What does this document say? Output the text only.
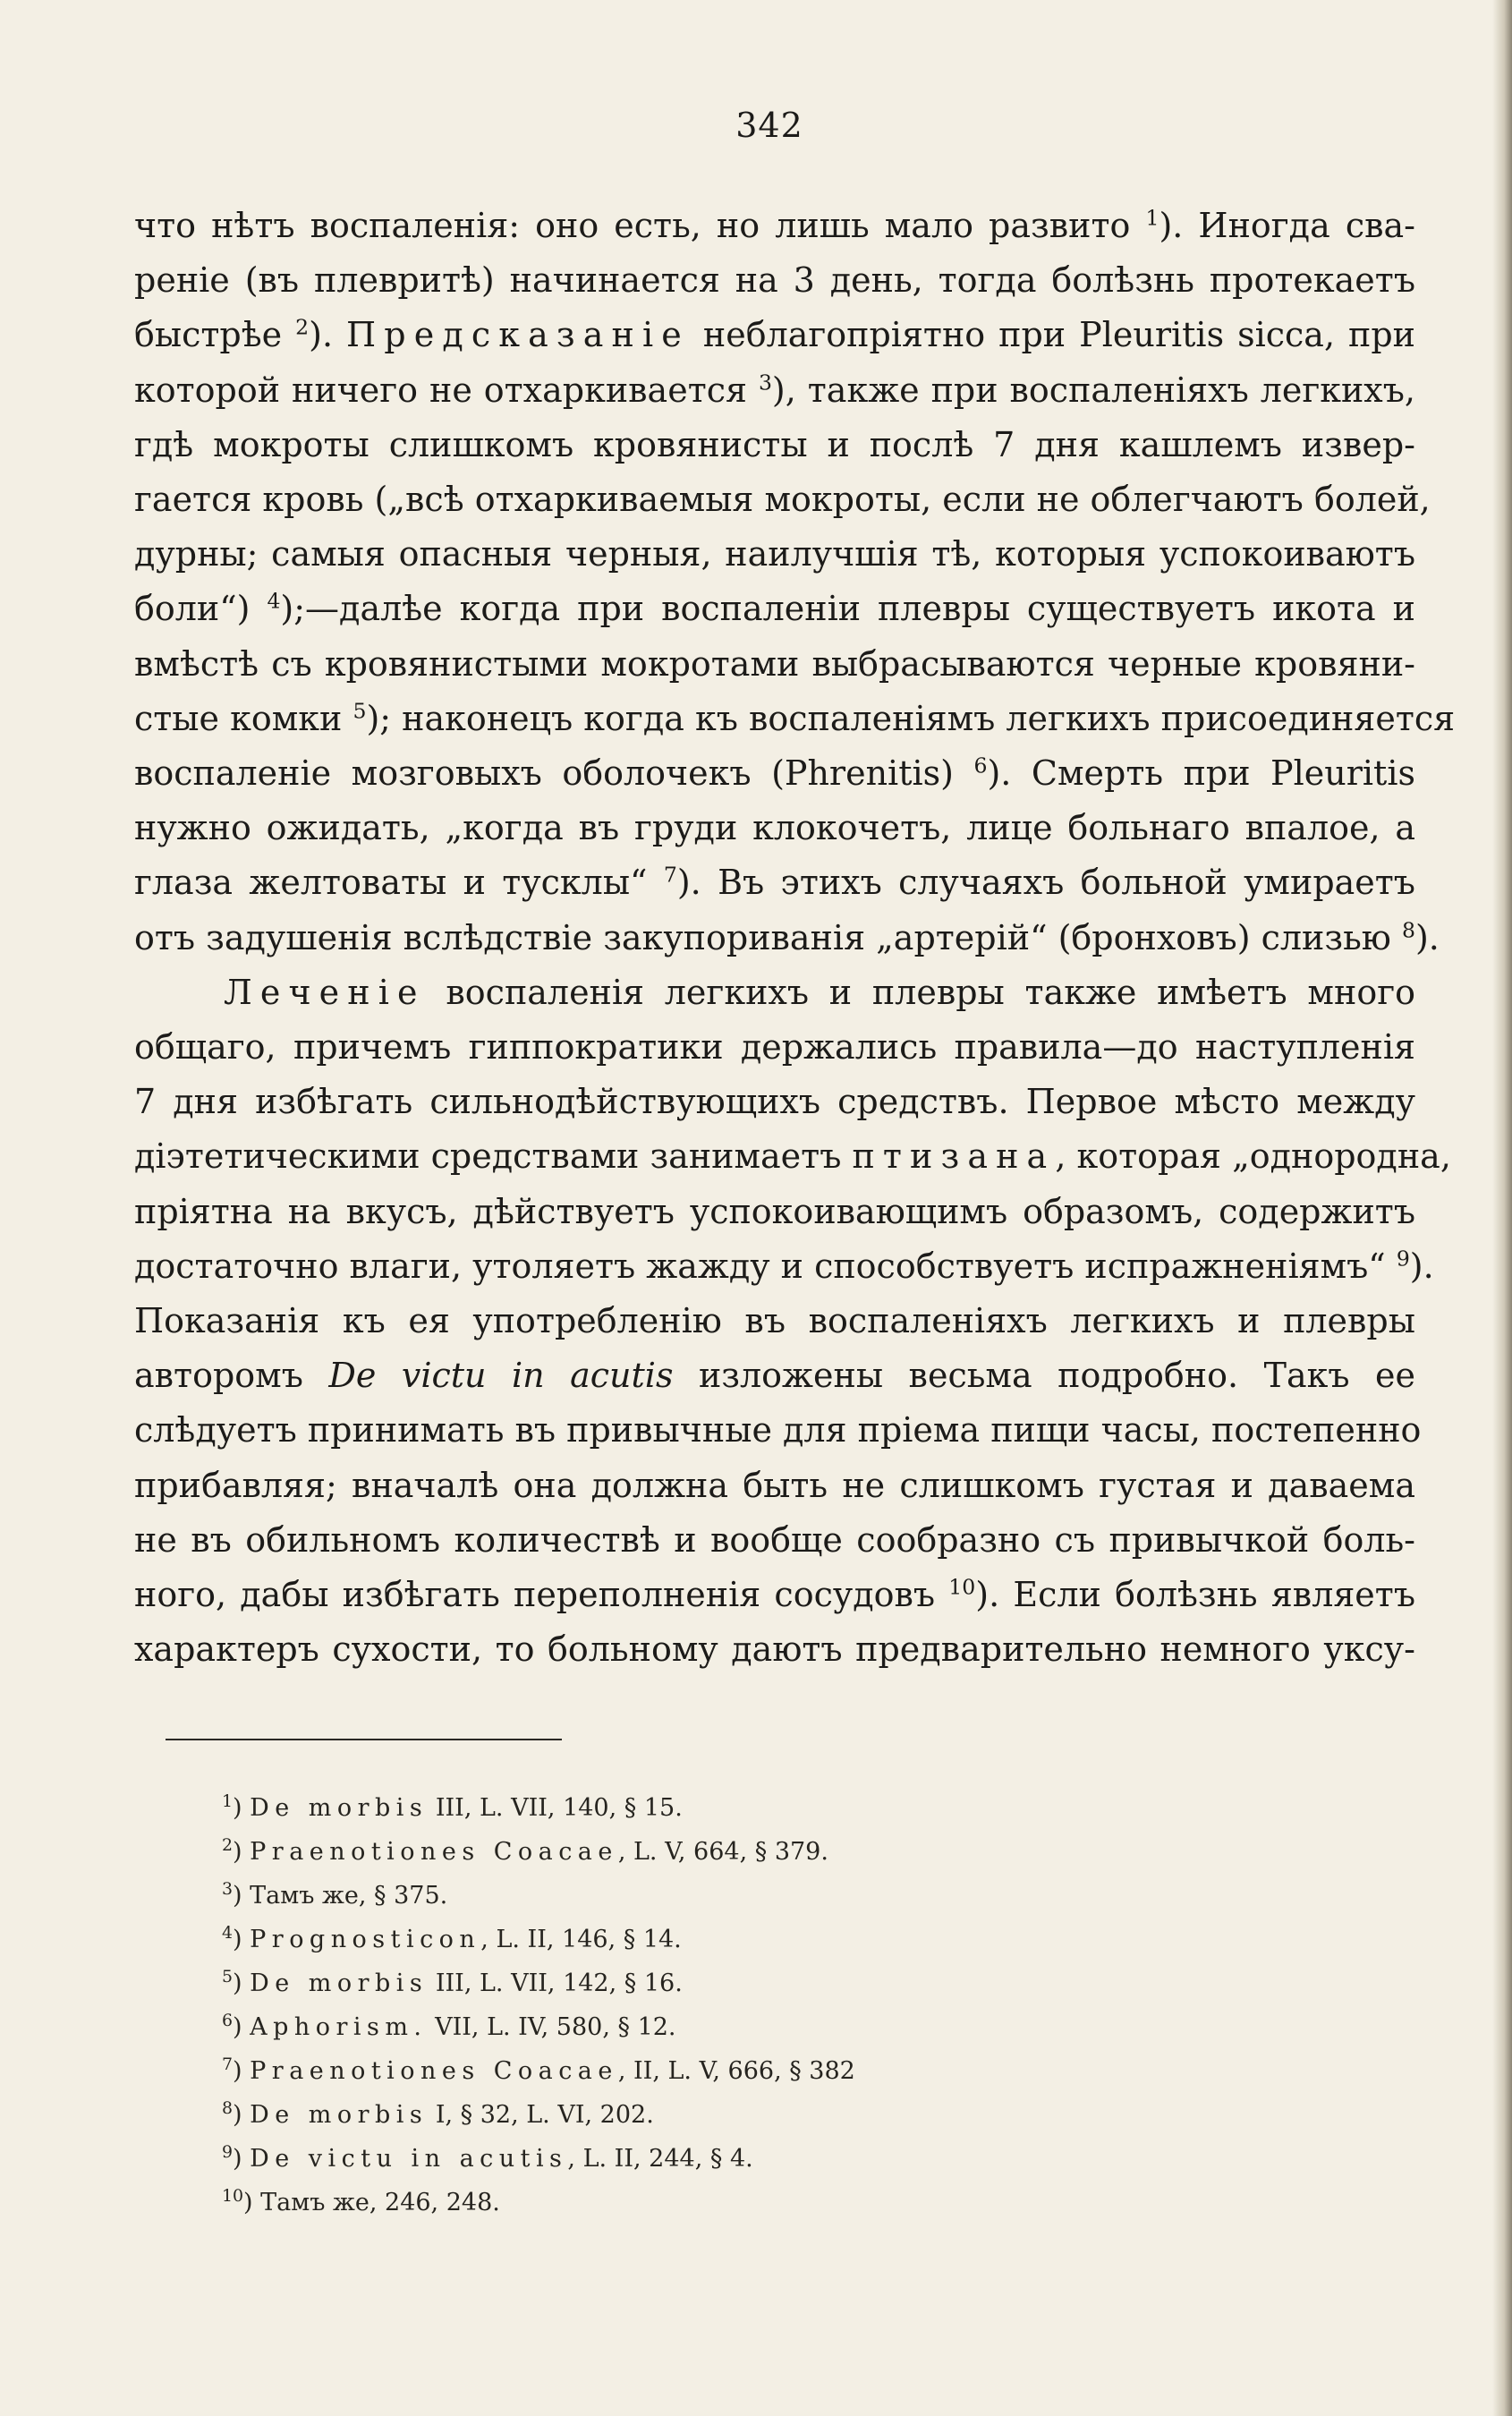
342
что нѣтъ воспаленія: оно есть, но лишь мало развито $^1$). Иногда сва-
реніе (въ плевритѣ) начинается на 3 день, тогда болѣзнь протекаетъ
быстрѣе $^2$). Предсказаніе неблагопріятно при Pleuritis sicca, при
которой ничего не отхаркивается $^3$), также при воспаленіяхъ легкихъ,
гдѣ мокроты слишкомъ кровянисты и послѣ 7 дня кашлемъ извер-
гается кровь („всѣ отхаркиваемыя мокроты, если не облегчаютъ болей,
дурны; самыя опасныя черныя, наилучшія тѣ, которыя успокоиваютъ
боли“) $^4$);—далѣе когда при воспаленіи плевры существуетъ икота и
вмѣстѣ съ кровянистыми мокротами выбрасываются черные кровяни-
стые комки $^5$); наконецъ когда къ воспаленіямъ легкихъ присоединяется
воспаленіе мозговыхъ оболочекъ (Phrenitis) $^6$). Смерть при Pleuritis
нужно ожидать, „когда въ груди клокочетъ, лице больнаго впалое, а
глаза желтоваты и тусклы“ $^7$). Въ этихъ случаяхъ больной умираетъ
отъ задушенія вслѣдствіе закупориванія „артерій“ (бронховъ) слизью $^8$).
Леченіе воспаленія легкихъ и плевры также имѣетъ много
общаго, причемъ гиппократики держались правила—до наступленія
7 дня избѣгать сильнодѣйствующихъ средствъ. Первое мѣсто между
діэтетическими средствами занимаетъ птизана, которая „однородна,
пріятна на вкусъ, дѣйствуетъ успокоивающимъ образомъ, содержитъ
достаточно влаги, утоляетъ жажду и способствуетъ испражненіямъ“ $^9$).
Показанія къ ея употребленію въ воспаленіяхъ легкихъ и плевры
авторомъ De victu in acutis изложены весьма подробно. Такъ ее
слѣдуетъ принимать въ привычные для пріема пищи часы, постепенно
прибавляя; вначалѣ она должна быть не слишкомъ густая и даваема
не въ обильномъ количествѣ и вообще сообразно съ привычкой боль-
ного, дабы избѣгать переполненія сосудовъ $^{10}$). Если болѣзнь являетъ
характеръ сухости, то больному даютъ предварительно немного уксу-
$^1$) De morbis III, L. VII, 140, § 15.
$^2$) Praenotiones Coacae, L. V, 664, § 379.
$^3$) Тамъ же, § 375.
$^4$) Prognosticon, L. II, 146, § 14.
$^5$) De morbis III, L. VII, 142, § 16.
$^6$) Aphorism. VII, L. IV, 580, § 12.
$^7$) Praenotiones Coacae, II, L. V, 666, § 382
$^8$) De morbis I, § 32, L. VI, 202.
$^9$) De victu in acutis, L. II, 244, § 4.
$^{10}$) Тамъ же, 246, 248.
